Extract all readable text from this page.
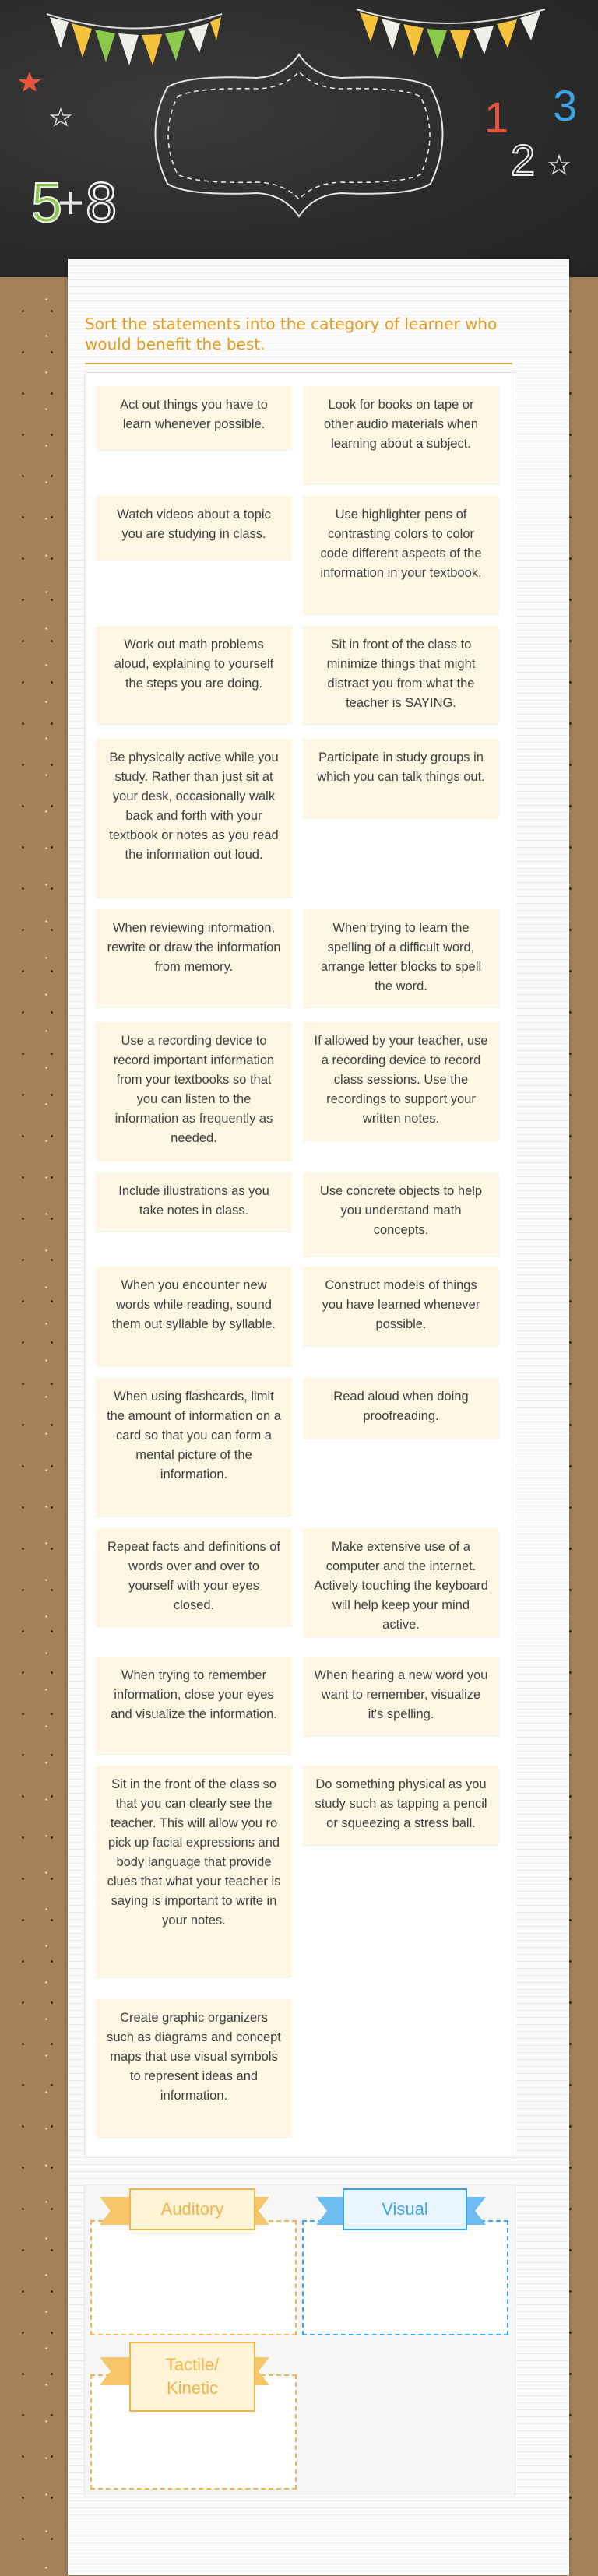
5
+ 8
1
2
3
Sort the statements into the category of learner who would benefit the best.
Act out things you have to learn whenever possible.
Look for books on tape or other audio materials when learning about a subject.
Watch videos about a topic you are studying in class.
Use highlighter pens of contrasting colors to color code different aspects of the information in your textbook.
Work out math problems aloud, explaining to yourself the steps you are doing.
Sit in front of the class to minimize things that might distract you from what the teacher is SAYING.
Be physically active while you study. Rather than just sit at your desk, occasionally walk back and forth with your textbook or notes as you read the information out loud.
Participate in study groups in which you can talk things out.
When reviewing information, rewrite or draw the information from memory.
When trying to learn the spelling of a difficult word, arrange letter blocks to spell the word.
Use a recording device to record important information from your textbooks so that you can listen to the information as frequently as needed.
If allowed by your teacher, use a recording device to record class sessions. Use the recordings to support your written notes.
Include illustrations as you take notes in class.
Use concrete objects to help you understand math concepts.
When you encounter new words while reading, sound them out syllable by syllable.
Construct models of things you have learned whenever possible.
When using flashcards, limit the amount of information on a card so that you can form a mental picture of the information.
Read aloud when doing proofreading.
Repeat facts and definitions of words over and over to yourself with your eyes closed.
Make extensive use of a computer and the internet. Actively touching the keyboard will help keep your mind active.
When trying to remember information, close your eyes and visualize the information.
When hearing a new word you want to remember, visualize it's spelling.
Sit in the front of the class so that you can clearly see the teacher. This will allow you ro pick up facial expressions and body language that provide clues that what your teacher is saying is important to write in your notes.
Do something physical as you study such as tapping a pencil or squeezing a stress ball.
Create graphic organizers such as diagrams and concept maps that use visual symbols to represent ideas and information.
Auditory	Visual
Tactile/
Kinetic
